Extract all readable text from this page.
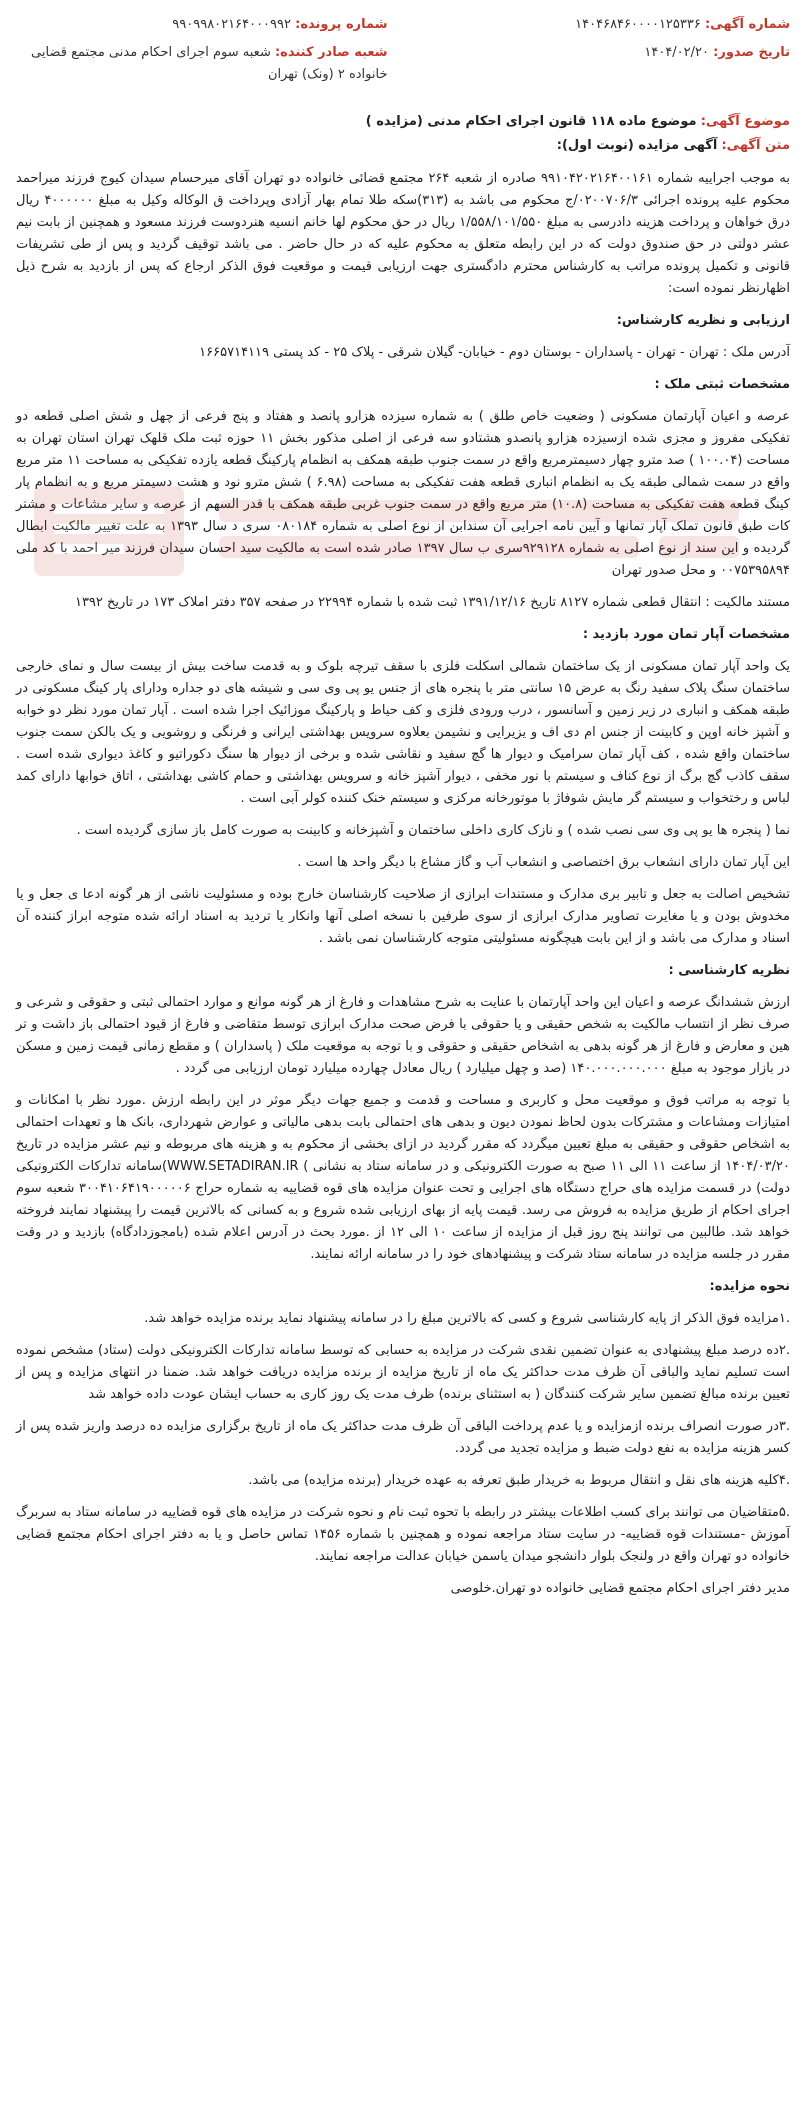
شماره آگهی: ۱۴۰۴۶۸۴۶۰۰۰۰۱۲۵۳۳۶
شماره پرونده: ۹۹۰۹۹۸۰۲۱۶۴۰۰۰۹۹۲
تاریخ صدور: ۱۴۰۴/۰۲/۲۰
شعبه صادر کننده: شعبه سوم اجرای احکام مدنی مجتمع قضایی خانواده ۲ (ونک) تهران
موضوع آگهی: موضوع ماده ۱۱۸ قانون اجرای احکام مدنی (مزایده )
متن آگهی: آگهی مزایده (نوبت اول):

به موجب اجراییه شماره ۹۹۱۰۴۲۰۲۱۶۴۰۰۱۶۱ صادره از شعبه ۲۶۴ مجتمع قضائی خانواده دو تهران آقای میرحسام سیدان کیوج فرزند میراحمد محکوم علیه پرونده اجرائی ۰۲۰۰۷۰۶/۳/ج محکوم می باشد به (۳۱۳)سکه طلا تمام بهار آزادی وپرداخت ق الوکاله وکیل به مبلغ ۴۰۰۰۰۰۰ ریال درق خواهان و پرداخت هزینه دادرسی به مبلغ ۱/۵۵۸/۱۰۱/۵۵۰ ریال در حق محکوم لها خانم انسیه هنردوست فرزند مسعود و همچنین از بابت نیم عشر دولتی در حق صندوق دولت که در این رابطه متعلق به محکوم علیه که در حال حاضر . می باشد توقیف گردید و پس از طی تشریفات قانونی و تکمیل پرونده مراتب به کارشناس محترم دادگستری جهت ارزیابی قیمت و موقعیت فوق الذکر ارجاع که پس از بازدید به شرح ذیل اظهارنظر نموده است:

ارزیابی و نظریه کارشناس:

آدرس ملک : تهران - تهران - پاسداران - بوستان دوم - خیابان- گیلان شرقی - پلاک ۲۵ - کد پستی ۱۶۶۵۷۱۴۱۱۹

مشخصات ثبتی ملک :

عرصه و اعیان آپارتمان مسکونی ( وضعیت خاص طلق ) به شماره سیزده هزارو پانصد و هفتاد و پنج فرعی از چهل و شش اصلی قطعه دو تفکیکی مفروز و مجزی شده ازسیزده هزارو پانصدو هشتادو سه فرعی از اصلی مذکور بخش ۱۱ حوزه ثبت ملک قلهک تهران استان تهران به مساحت (۱۰۰.۰۴ ) صد مترو چهار دسیمترمربع واقع در سمت جنوب طبقه همکف به انظمام پارکینگ قطعه یازده تفکیکی به مساحت ۱۱ متر مربع واقع در سمت شمالی طبقه یک به انظمام انباری قطعه هفت تفکیکی به مساحت (۶.۹۸ ) شش مترو نود و هشت دسیمتر مربع و به انظمام پار کینگ قطعه هفت تفکیکی به مساحت (۱۰.۸) متر مربع واقع در سمت جنوب غربی طبقه همکف با قدر السهم از عرصه و سایر مشاعات و مشتر کات طبق قانون تملک آپار تمانها و آیین نامه اجرایی آن سندابن از نوع اصلی به شماره ۰۸۰۱۸۴ سری د سال ۱۳۹۳ به علت تغییر مالکیت ابطال گردیده و این سند از نوع اصلی به شماره ۹۲۹۱۲۸سری ب سال ۱۳۹۷ صادر شده است به مالکیت سید احسان سیدان فرزند میر احمد با کد ملی ۰۰۷۵۳۹۵۸۹۴ و محل صدور تهران

مستند مالکیت : انتقال قطعی شماره ۸۱۲۷ تاریخ ۱۳۹۱/۱۲/۱۶ ثبت شده با شماره ۲۲۹۹۴ در صفحه ۳۵۷ دفتر املاک ۱۷۳ در تاریخ ۱۳۹۲

مشخصات آپار تمان مورد بازدید :

یک واحد آپار تمان مسکونی از یک ساختمان شمالی اسکلت فلزی با سقف تیرچه بلوک و به قدمت ساخت بیش از بیست سال و نمای خارجی ساختمان سنگ پلاک سفید رنگ به عرض ۱۵ سانتی متر با پنجره های از جنس یو پی وی سی و شیشه های دو جداره ودارای پار کینگ مسکونی در طبقه همکف و انباری در زیر زمین و آسانسور ، درب ورودی فلزی و کف حیاط و پارکینگ موزائیک اجرا شده است . آپار تمان مورد نظر دو خوابه و آشپز خانه اوپن و کابینت از جنس ام دی اف و یزیرایی و نشیمن بعلاوه سرویس بهداشتی ایرانی و فرنگی و روشویی و یک بالکن سمت جنوب ساختمان واقع شده ، کف آپار تمان سرامیک و دیوار ها گچ سفید و نقاشی شده و برخی از دیوار ها سنگ دکوراتیو و کاغذ دیواری شده است . سقف کاذب گچ برگ از نوع کناف و سیستم با نور مخفی ، دیوار آشپز خانه و سرویس بهداشتی و حمام کاشی بهداشتی ، اتاق خوابها دارای کمد لباس و رختخواب و سیستم گر مایش شوفاژ با موتورخانه مرکزی و سیستم خنک کننده کولر آبی است .

نما ( پنجره ها یو پی وی سی نصب شده ) و نازک کاری داخلی ساختمان و آشپزخانه و کابینت به صورت کامل باز سازی گردیده است .

این آپار تمان دارای انشعاب برق اختصاصی و انشعاب آب و گاز مشاع با دیگر واحد ها است .

تشخیص اصالت به جعل و تابیر بری مدارک و مستندات ابرازی از صلاحیت کارشناسان خارج بوده و مسئولیت ناشی از هر گونه ادعا ی جعل و یا مخدوش بودن و یا مغایرت تصاویر مدارک ابرازی از سوی طرفین با نسخه اصلی آنها وانکار یا تردید به اسناد ارائه شده متوجه ابراز کننده آن اسناد و مدارک می باشد و از این بابت هیچگونه مسئولیتی متوجه کارشناسان نمی باشد .

نظریه کارشناسی :

ارزش ششدانگ عرصه و اعیان این واحد آپارتمان با عنایت به شرح مشاهدات و فارغ از هر گونه موانع و موارد احتمالی ثبتی و حقوقی و شرعی و صرف نظر از انتساب مالکیت به شخص حقیقی و یا حقوقی با فرض صحت مدارک ابرازی توسط متقاضی و فارغ از قیود احتمالی باز داشت و تر هین و معارض و فارغ از هر گونه بدهی به اشخاص حقیقی و حقوقی و با توجه به موقعیت ملک ( پاسداران ) و مقطع زمانی قیمت زمین و مسکن در بازار موجود به مبلغ ۱۴۰.۰۰۰.۰۰۰.۰۰۰ (صد و چهل میلیارد ) ریال معادل چهارده میلیارد تومان ارزیابی می گردد .

با توجه به مراتب فوق و موقعیت محل و کاربری و مساحت و قدمت و جمیع جهات دیگر موثر در این رابطه ارزش .مورد نظر با امکانات و امتیازات ومشاعات و مشترکات بدون لحاظ نمودن دیون و بدهی های احتمالی بابت بدهی مالیاتی و عوارض شهرداری، بانک ها و تعهدات احتمالی به اشخاص حقوقی و حقیقی به مبلغ تعیین میگردد که مقرر گردید در ازای بخشی از محکوم به و هزینه های مربوطه و نیم عشر مزایده در تاریخ ۱۴۰۴/۰۳/۲۰ از ساعت ۱۱ الی ۱۱ صبح به صورت الکترونیکی و در سامانه ستاد به نشانی ) WWW.SETADIRAN.IR)سامانه تدارکات الکترونیکی دولت) در قسمت مزایده های حراج دستگاه های اجرایی و تحت عنوان مزایده های قوه قضاییه به شماره حراج ۳۰۰۴۱۰۶۴۱۹۰۰۰۰۰۶ شعبه سوم اجرای احکام از طریق مزایده به فروش می رسد. قیمت پایه از بهای ارزیابی شده شروع و به کسانی که بالاترین قیمت را پیشنهاد نمایند فروخته خواهد شد. طالبین می توانند پنج روز قبل از مزایده از ساعت ۱۰ الی ۱۲ از .مورد بحث در آدرس اعلام شده (بامجوزدادگاه) بازدید و در وقت مقرر در جلسه مزایده در سامانه ستاد شرکت و پیشنهادهای خود را در سامانه ارائه نمایند.

نحوه مزایده:

.۱مزایده فوق الذکر از پایه کارشناسی شروع و کسی که بالاترین مبلغ را در سامانه پیشنهاد نماید برنده مزایده خواهد شد.

.۲ده درصد مبلغ پیشنهادی به عنوان تضمین نقدی شرکت در مزایده به حسابی که توسط سامانه تدارکات الکترونیکی دولت (ستاد) مشخص نموده است تسلیم نماید والباقی آن ظرف مدت حداکثر یک ماه از تاریخ مزایده از برنده مزایده دریافت خواهد شد. ضمنا در انتهای مزایده و پس از تعیین برنده مبالغ تضمین سایر شرکت کنندگان ( به استثنای برنده) ظرف مدت یک روز کاری به حساب ایشان عودت داده خواهد شد

.۳در صورت انصراف برنده ازمزایده و یا عدم پرداخت الباقی آن ظرف مدت حداکثر یک ماه از تاریخ برگزاری مزایده ده درصد واریز شده پس از کسر هزینه مزایده به نفع دولت ضبط و مزایده تجدید می گردد.

.۴کلیه هزینه های نقل و انتقال مربوط به خریدار طبق تعرفه به عهده خریدار (برنده مزایده) می باشد.

.۵متقاضیان می توانند برای کسب اطلاعات بیشتر در رابطه با تحوه ثبت نام و نحوه شرکت در مزایده های قوه قضاییه در سامانه ستاد به سربرگ آموزش -مستندات قوه قضاییه- در سایت ستاد مراجعه نموده و همچنین با شماره ۱۴۵۶ تماس حاصل و یا به دفتر اجرای احکام مجتمع قضایی خانواده دو تهران واقع در ولنجک بلوار دانشجو میدان یاسمن خیابان عدالت مراجعه نمایند.

مدیر دفتر اجرای احکام مجتمع قضایی خانواده دو تهران.خلوصی
